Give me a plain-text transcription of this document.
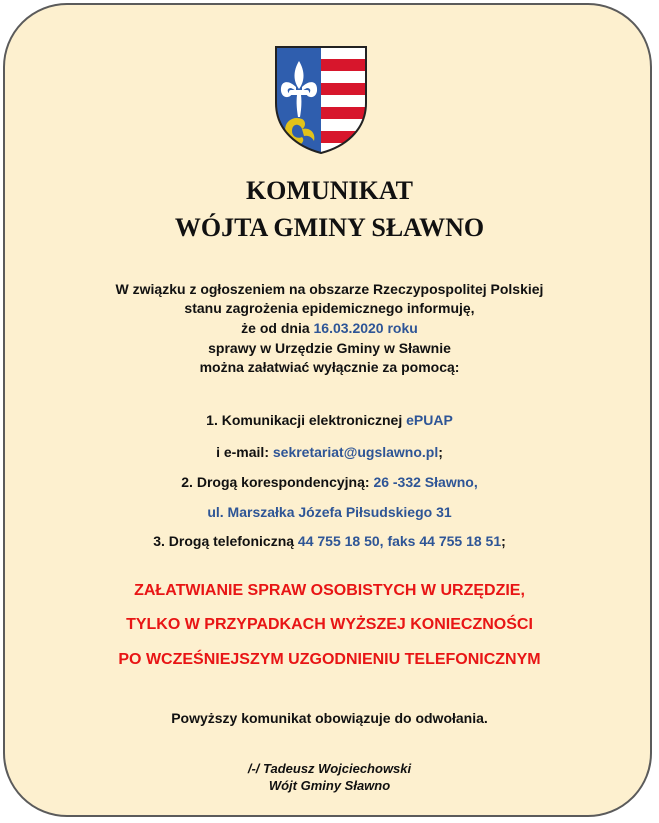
KOMUNIKAT
WÓJTA GMINY SŁAWNO
W związku z ogłoszeniem na obszarze Rzeczypospolitej Polskiej
stanu zagrożenia epidemicznego informuję,
że od dnia 16.03.2020 roku
sprawy w Urzędzie Gminy w Sławnie
można załatwiać wyłącznie za pomocą:
1. Komunikacji elektronicznej ePUAP
i e-mail: sekretariat@ugslawno.pl;
2. Drogą korespondencyjną: 26 -332 Sławno,
ul. Marszałka Józefa Piłsudskiego 31
3. Drogą telefoniczną 44 755 18 50, faks 44 755 18 51;
ZAŁATWIANIE SPRAW OSOBISTYCH W URZĘDZIE,
TYLKO W PRZYPADKACH WYŻSZEJ KONIECZNOŚCI
PO WCZEŚNIEJSZYM UZGODNIENIU TELEFONICZNYM
Powyższy komunikat obowiązuje do odwołania.
/-/ Tadeusz Wojciechowski
Wójt Gminy Sławno
